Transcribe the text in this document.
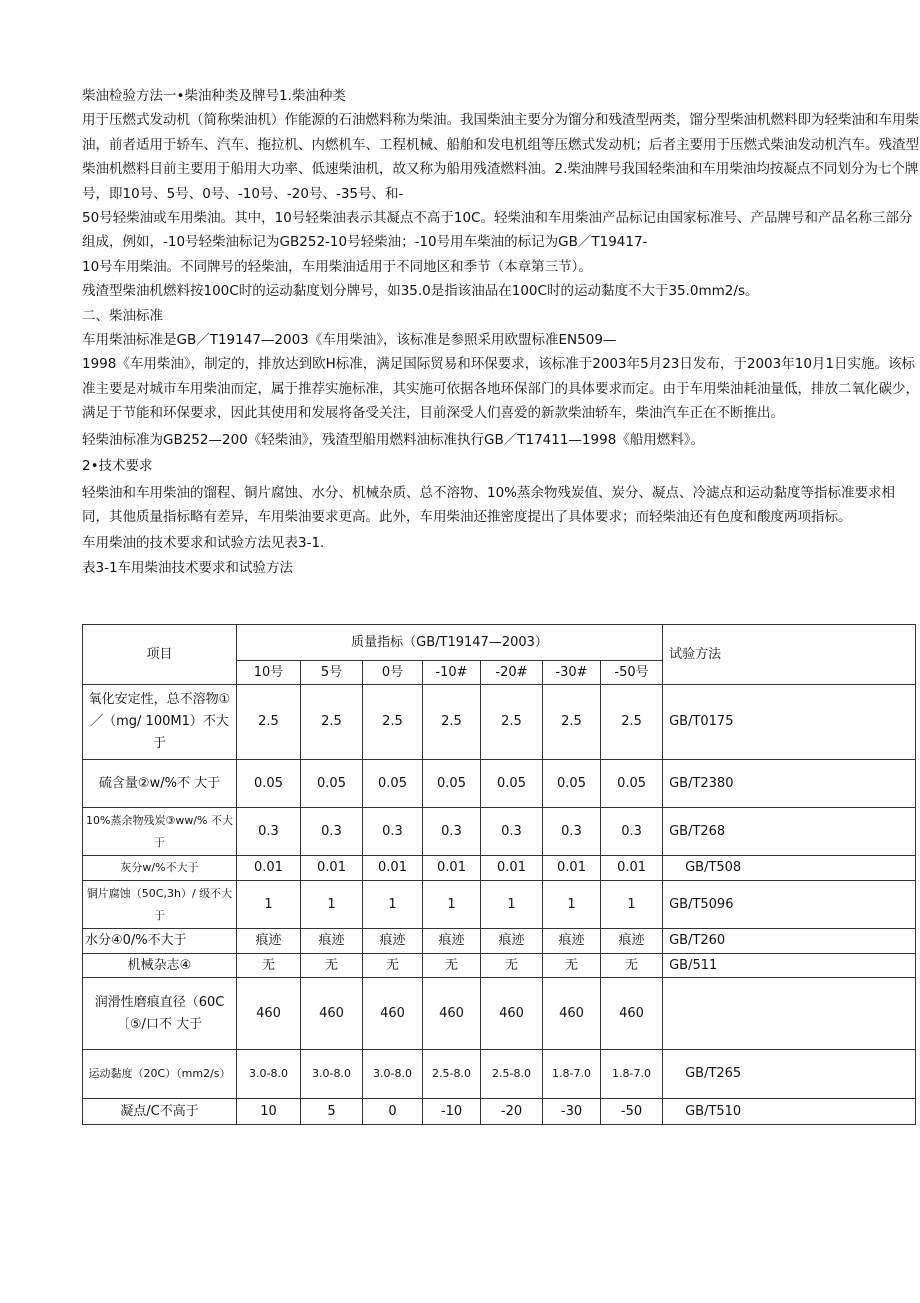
柴油检验方法一•柴油种类及牌号1.柴油种类

用于压燃式发动机（简称柴油机）作能源的石油燃料称为柴油。我国柴油主要分为馏分和残渣型两类，馏分型柴油机燃料即为轻柴油和车用柴油，前者适用于轿车、汽车、拖拉机、内燃机车、工程机械、船舶和发电机组等压燃式发动机；后者主要用于压燃式柴油发动机汽车。残渣型柴油机燃料目前主要用于船用大功率、低速柴油机，故又称为船用残渣燃料油。2.柴油牌号我国轻柴油和车用柴油均按凝点不同划分为七个牌号，即10号、5号、0号、-10号、-20号、-35号、和-

50号轻柴油或车用柴油。其中，10号轻柴油表示其凝点不高于10C。轻柴油和车用柴油产品标记由国家标准号、产品牌号和产品名称三部分组成，例如，-10号轻柴油标记为GB252-10号轻柴油；-10号用车柴油的标记为GB／T19417-

10号车用柴油。不同牌号的轻柴油，车用柴油适用于不同地区和季节（本章第三节）。

残渣型柴油机燃料按100C时的运动黏度划分牌号，如35.0是指该油品在100C时的运动黏度不大于35.0mm2/s。

二、柴油标准

车用柴油标准是GB／T19147—2003《车用柴油》，该标准是参照采用欧盟标准EN509—

1998《车用柴油》，制定的，排放达到欧H标准，满足国际贸易和环保要求，该标准于2003年5月23日发布，于2003年10月1日实施。该标准主要是对城市车用柴油而定，属于推荐实施标准，其实施可依据各地环保部门的具体要求而定。由于车用柴油耗油量低，排放二氧化碳少，满足于节能和环保要求，因此其使用和发展将备受关注，目前深受人们喜爱的新款柴油轿车，柴油汽车正在不断推出。

轻柴油标准为GB252—200《轻柴油》，残渣型船用燃料油标准执行GB／T17411—1998《船用燃料》。

2•技术要求

轻柴油和车用柴油的馏程、铜片腐蚀、水分、机械杂质、总不溶物、10%蒸余物残炭值、炭分、凝点、冷滤点和运动黏度等指标准要求相同，其他质量指标略有差异，车用柴油要求更高。此外，车用柴油还推密度提出了具体要求；而轻柴油还有色度和酸度两项指标。

车用柴油的技术要求和试验方法见表3-1.

表3-1车用柴油技术要求和试验方法

项目	质量指标（GB/T19147—2003）							试验方法
	10号	5号	0号	-10#	-20#	-30#	-50号	
氧化安定性，总不溶物①／（mg/ 100M1）不大于	2.5	2.5	2.5	2.5	2.5	2.5	2.5	GB/T0175
硫含量②w/%不 大于	0.05	0.05	0.05	0.05	0.05	0.05	0.05	GB/T2380
10%蒸余物残炭③ww/% 不大于	0.3	0.3	0.3	0.3	0.3	0.3	0.3	GB/T268
灰分w/%不大于	0.01	0.01	0.01	0.01	0.01	0.01	0.01	GB/T508
铜片腐蚀（50C,3h）/ 级不大于	1	1	1	1	1	1	1	GB/T5096
水分④0/%不大于	痕迹	痕迹	痕迹	痕迹	痕迹	痕迹	痕迹	GB/T260
机械杂志④	无	无	无	无	无	无	无	GB/511
润滑性磨痕直径（60C〔⑤/口不 大于	460	460	460	460	460	460	460	
运动黏度（20C）（mm2/s）	3.0-8.0	3.0-8.0	3.0-8.0	2.5-8.0	2.5-8.0	1.8-7.0	1.8-7.0	GB/T265
凝点/C不高于	10	5	0	-10	-20	-30	-50	GB/T510
